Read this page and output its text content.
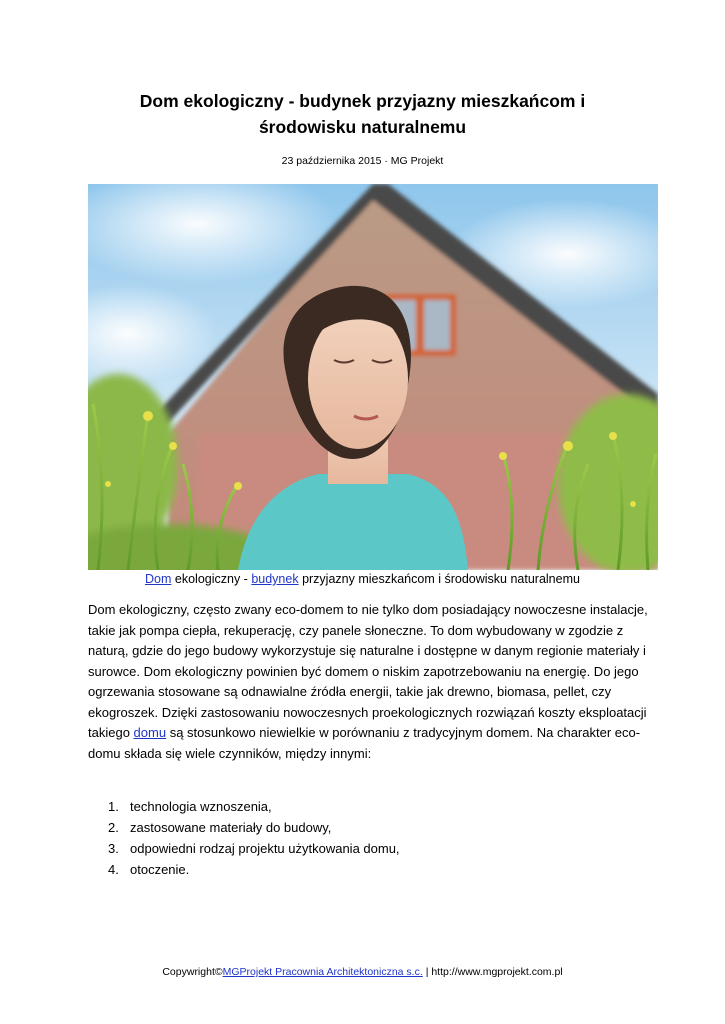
Dom ekologiczny - budynek przyjazny mieszkańcom i środowisku naturalnemu
23 października 2015 · MG Projekt
Dom ekologiczny - budynek przyjazny mieszkańcom i środowisku naturalnemu

Dom ekologiczny, często zwany eco-domem to nie tylko dom posiadający nowoczesne instalacje, takie jak pompa ciepła, rekuperację, czy panele słoneczne. To dom wybudowany w zgodzie z naturą, gdzie do jego budowy wykorzystuje się naturalne i dostępne w danym regionie materiały i surowce. Dom ekologiczny powinien być domem o niskim zapotrzebowaniu na energię. Do jego ogrzewania stosowane są odnawialne źródła energii, takie jak drewno, biomasa, pellet, czy ekogroszek. Dzięki zastosowaniu nowoczesnych proekologicznych rozwiązań koszty eksploatacji takiego domu są stosunkowo niewielkie w porównaniu z tradycyjnym domem. Na charakter eco-domu składa się wiele czynników, między innymi:

1. technologia wznoszenia,
2. zastosowane materiały do budowy,
3. odpowiedni rodzaj projektu użytkowania domu,
4. otoczenie.
Copywright©MGProjekt Pracownia Architektoniczna s.c. | http://www.mgprojekt.com.pl
